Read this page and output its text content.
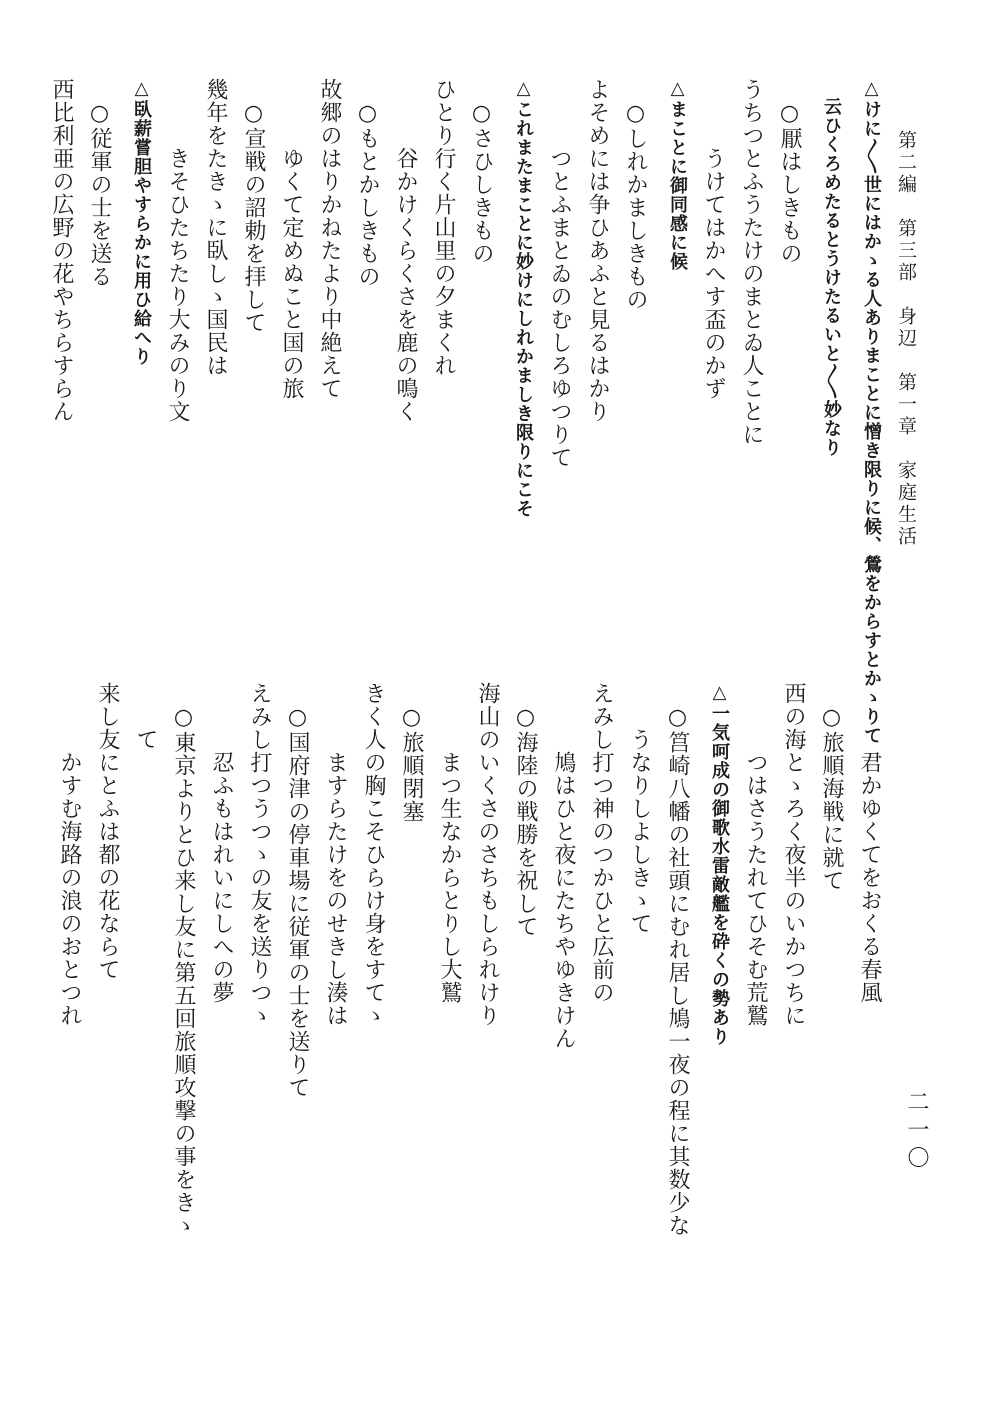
第二編　第三部　身辺　第一章　家庭生活
二一〇
△けに〳〵世にはかゝる人ありまことに憎き限りに候、鶯をからすとかゝりて
云ひくろめたるとうけたるいと〳〵妙なり
○厭はしきもの
うちつとふうたけのまとゐ人ことに
うけてはかへす盃のかず
△まことに御同感に候
○しれかましきもの
よそめには争ひあふと見るはかり
つとふまとゐのむしろゆつりて
△これまたまことに妙けにしれかましき限りにこそ
○さひしきもの
ひとり行く片山里の夕まくれ
谷かけくらくさを鹿の鳴く
○もとかしきもの
故郷のはりかねたより中絶えて
ゆくて定めぬこと国の旅
○宣戦の詔勅を拝して
幾年をたきゝに臥しゝ国民は
きそひたちたり大みのり文
△臥薪嘗胆やすらかに用ひ給へり
○従軍の士を送る
西比利亜の広野の花やちらすらん
君かゆくてをおくる春風
○旅順海戦に就て
西の海とゝろく夜半のいかつちに
つはさうたれてひそむ荒鷲
△一気呵成の御歌水雷敵艦を砕くの勢あり
○筥崎八幡の社頭にむれ居し鳩一夜の程に其数少な
うなりしよしきゝて
えみし打つ神のつかひと広前の
鳩はひと夜にたちやゆきけん
○海陸の戦勝を祝して
海山のいくさのさちもしられけり
まつ生なからとりし大鷲
○旅順閉塞
きく人の胸こそひらけ身をすてゝ
ますらたけをのせきし湊は
○国府津の停車場に従軍の士を送りて
えみし打つうつゝの友を送りつゝ
忍ふもはれいにしへの夢
○東京よりとひ来し友に第五回旅順攻撃の事をきゝ
て
来し友にとふは都の花ならて
かすむ海路の浪のおとつれ
